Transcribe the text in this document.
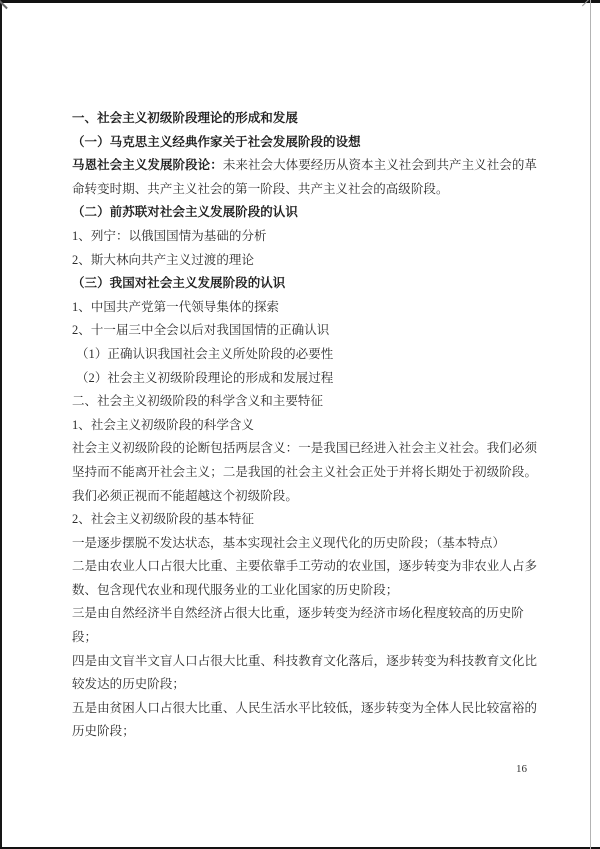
一、社会主义初级阶段理论的形成和发展
（一）马克思主义经典作家关于社会发展阶段的设想
马恩社会主义发展阶段论：未来社会大体要经历从资本主义社会到共产主义社会的革
命转变时期、共产主义社会的第一阶段、共产主义社会的高级阶段。
（二）前苏联对社会主义发展阶段的认识
1、列宁：以俄国国情为基础的分析
2、斯大林向共产主义过渡的理论
（三）我国对社会主义发展阶段的认识
1、中国共产党第一代领导集体的探索
2、十一届三中全会以后对我国国情的正确认识
（1）正确认识我国社会主义所处阶段的必要性
（2）社会主义初级阶段理论的形成和发展过程
二、社会主义初级阶段的科学含义和主要特征
1、社会主义初级阶段的科学含义
社会主义初级阶段的论断包括两层含义：一是我国已经进入社会主义社会。我们必须
坚持而不能离开社会主义；二是我国的社会主义社会正处于并将长期处于初级阶段。
我们必须正视而不能超越这个初级阶段。
2、社会主义初级阶段的基本特征
一是逐步摆脱不发达状态，基本实现社会主义现代化的历史阶段；（基本特点）
二是由农业人口占很大比重、主要依靠手工劳动的农业国，逐步转变为非农业人占多
数、包含现代农业和现代服务业的工业化国家的历史阶段；
三是由自然经济半自然经济占很大比重，逐步转变为经济市场化程度较高的历史阶
段；
四是由文盲半文盲人口占很大比重、科技教育文化落后，逐步转变为科技教育文化比
较发达的历史阶段；
五是由贫困人口占很大比重、人民生活水平比较低，逐步转变为全体人民比较富裕的
历史阶段；
16
